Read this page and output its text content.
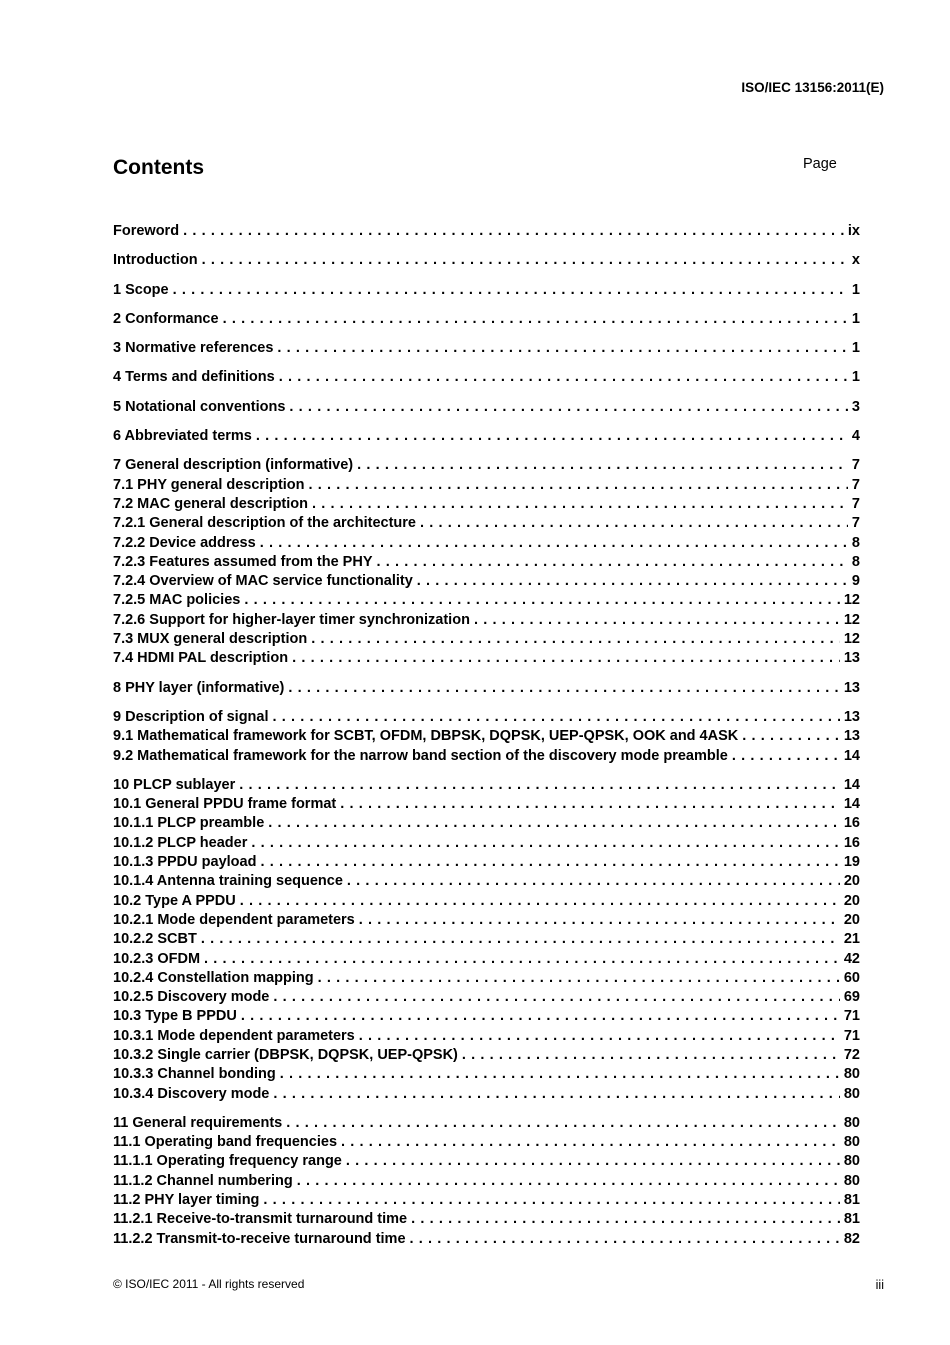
ISO/IEC 13156:2011(E)
Contents	Page
Foreword . . .	ix
Introduction . . .	x
1 Scope . . .	1
2 Conformance . . .	1
3 Normative references . . .	1
4 Terms and definitions . . .	1
5 Notational conventions . . .	3
6 Abbreviated terms . . .	4
7 General description (informative) . . .	7
7.1 PHY general description . . .	7
7.2 MAC general description . . .	7
7.2.1 General description of the architecture . . .	7
7.2.2 Device address . . .	8
7.2.3 Features assumed from the PHY . . .	8
7.2.4 Overview of MAC service functionality . . .	9
7.2.5 MAC policies . . .	12
7.2.6 Support for higher-layer timer synchronization . . .	12
7.3 MUX general description . . .	12
7.4 HDMI PAL description . . .	13
8 PHY layer (informative) . . .	13
9 Description of signal . . .	13
9.1 Mathematical framework for SCBT, OFDM, DBPSK, DQPSK, UEP-QPSK, OOK and 4ASK . . .	13
9.2 Mathematical framework for the narrow band section of the discovery mode preamble . . .	14
10 PLCP sublayer . . .	14
10.1 General PPDU frame format . . .	14
10.1.1 PLCP preamble . . .	16
10.1.2 PLCP header . . .	16
10.1.3 PPDU payload . . .	19
10.1.4 Antenna training sequence . . .	20
10.2 Type A PPDU . . .	20
10.2.1 Mode dependent parameters . . .	20
10.2.2 SCBT . . .	21
10.2.3 OFDM . . .	42
10.2.4 Constellation mapping . . .	60
10.2.5 Discovery mode . . .	69
10.3 Type B PPDU . . .	71
10.3.1 Mode dependent parameters . . .	71
10.3.2 Single carrier (DBPSK, DQPSK, UEP-QPSK) . . .	72
10.3.3 Channel bonding . . .	80
10.3.4 Discovery mode . . .	80
11 General requirements . . .	80
11.1 Operating band frequencies . . .	80
11.1.1 Operating frequency range . . .	80
11.1.2 Channel numbering . . .	80
11.2 PHY layer timing . . .	81
11.2.1 Receive-to-transmit turnaround time . . .	81
11.2.2 Transmit-to-receive turnaround time . . .	82
© ISO/IEC 2011 - All rights reserved	iii
